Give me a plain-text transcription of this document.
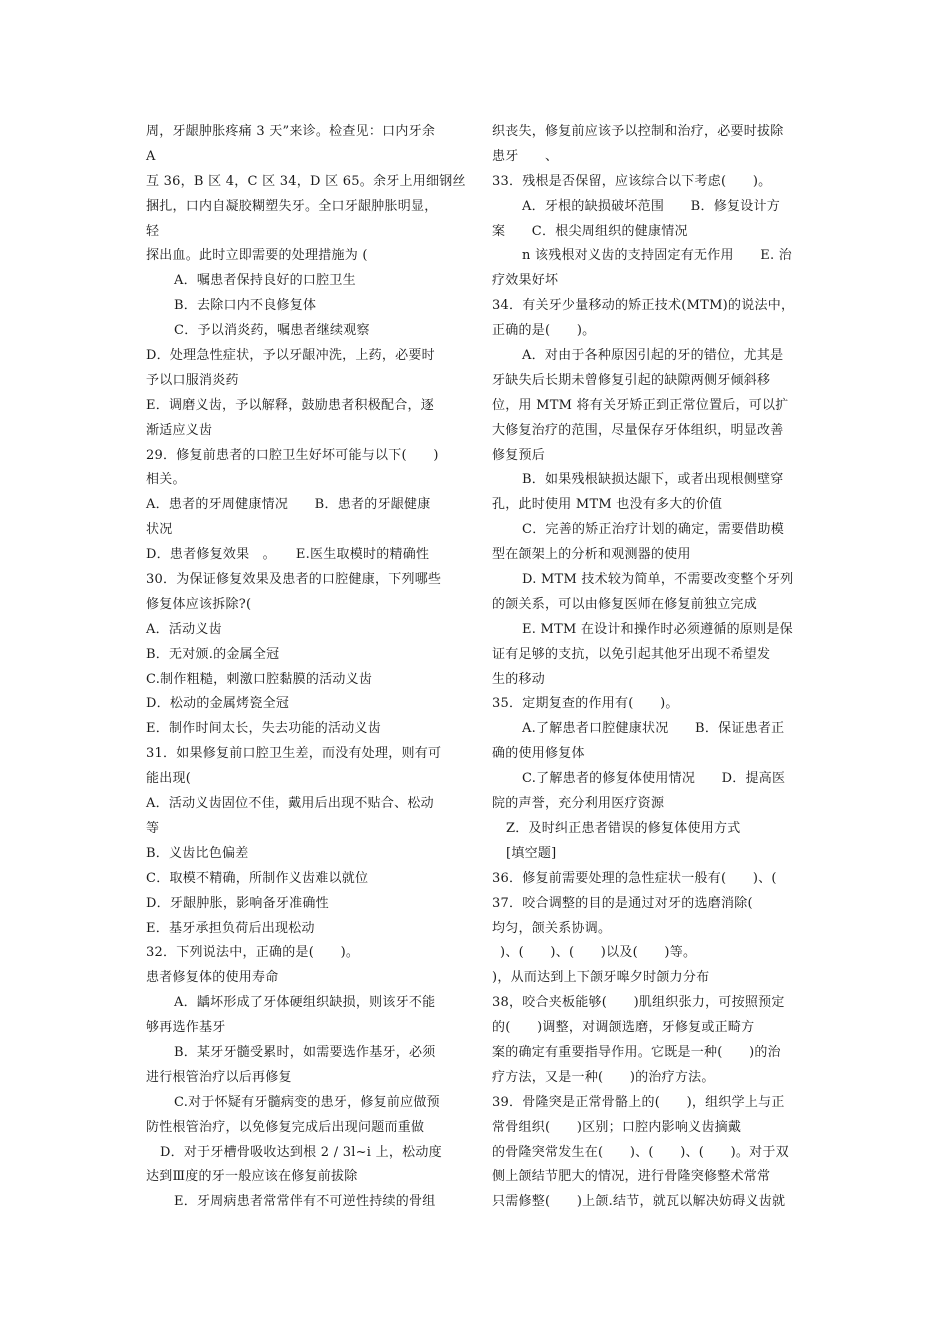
周，牙龈肿胀疼痛 3 天”来诊。检查见：口内牙余
A
互 36，B 区 4，C 区 34，D 区 65。余牙上用细钢丝
捆扎，口内自凝胶糊塑失牙。全口牙龈肿胀明显，
轻
探出血。此时立即需要的处理措施为 (
A．嘱患者保持良好的口腔卫生
B．去除口内不良修复体
C．予以消炎药，嘱患者继续观察
D．处理急性症状，予以牙龈冲洗，上药，必要时
予以口服消炎药
E．调磨义齿，予以解释，鼓励患者积极配合，逐
渐适应义齿
29．修复前患者的口腔卫生好坏可能与以下(　　)
相关。
A．患者的牙周健康情况　　B．患者的牙龈健康
状况
D．患者修复效果　。　　E.医生取模时的精确性
30．为保证修复效果及患者的口腔健康，下列哪些
修复体应该拆除?(
A．活动义齿
B．无对颁.的金属全冠
C.制作粗糙，刺激口腔黏膜的活动义齿
D．松动的金属烤瓷全冠
E．制作时间太长，失去功能的活动义齿
31．如果修复前口腔卫生差，而没有处理，则有可
能出现(
A．活动义齿固位不佳，戴用后出现不贴合、松动
等
B．义齿比色偏差
C．取模不精确，所制作义齿难以就位
D．牙龈肿胀，影响备牙准确性
E．基牙承担负荷后出现松动
32．下列说法中，正确的是(　　)。
患者修复体的使用寿命
A．龋坏形成了牙体硬组织缺损，则该牙不能
够再选作基牙
B．某牙牙髓受累时，如需要选作基牙，必须
进行根管治疗以后再修复
C.对于怀疑有牙髓病变的患牙，修复前应做预
防性根管治疗，以免修复完成后出现问题而重做
D．对于牙槽骨吸收达到根 2 / 3l~i 上，松动度
达到Ⅲ度的牙一般应该在修复前拔除
E．牙周病患者常常伴有不可逆性持续的骨组
织丧失，修复前应该予以控制和治疗，必要时拔除
患牙　　、
33．残根是否保留，应该综合以下考虑(　　)。
A．牙根的缺损破坏范围　　B．修复设计方
案　　C．根尖周组织的健康情况
n 该残根对义齿的支持固定有无作用　　E. 治
疗效果好坏
34．有关牙少量移动的矫正技术(MTM)的说法中，
正确的是(　　)。
A．对由于各种原因引起的牙的错位，尤其是
牙缺失后长期未曾修复引起的缺隙两侧牙倾斜移
位，用 MTM 将有关牙矫正到正常位置后，可以扩
大修复治疗的范围，尽量保存牙体组织，明显改善
修复预后
B．如果残根缺损达龈下，或者出现根侧壁穿
孔，此时使用 MTM 也没有多大的价值
C．完善的矫正治疗计划的确定，需要借助模
型在颌架上的分析和观测器的使用
D. MTM 技术较为简单，不需要改变整个牙列
的颌关系，可以由修复医师在修复前独立完成
E. MTM 在设计和操作时必须遵循的原则是保
证有足够的支抗，以免引起其他牙出现不希望发
生的移动
35．定期复查的作用有(　　)。
A.了解患者口腔健康状况　　B．保证患者正
确的使用修复体
C.了解患者的修复体使用情况　　D．提高医
院的声誉，充分利用医疗资源
Z．及时纠正患者错误的修复体使用方式
[填空题]
36．修复前需要处理的急性症状一般有(　　)、(
37．咬合调整的目的是通过对牙的选磨消除(
均匀，颌关系协调。
)、(　　)、(　　)以及(　　)等。
)，从而达到上下颌牙嗥夕时颌力分布
38，咬合夹板能够(　　)肌组织张力，可按照预定
的(　　)调整，对调颌选磨，牙修复或正畸方
案的确定有重要指导作用。它既是一种(　　)的治
疗方法，又是一种(　　)的治疗方法。
39．骨隆突是正常骨骼上的(　　)，组织学上与正
常骨组织(　　)区别；口腔内影响义齿摘戴
的骨隆突常发生在(　　)、(　　)、(　　)。对于双
侧上颌结节肥大的情况，进行骨隆突修整术常常
只需修整(　　)上颌.结节，就瓦以解决妨碍义齿就
